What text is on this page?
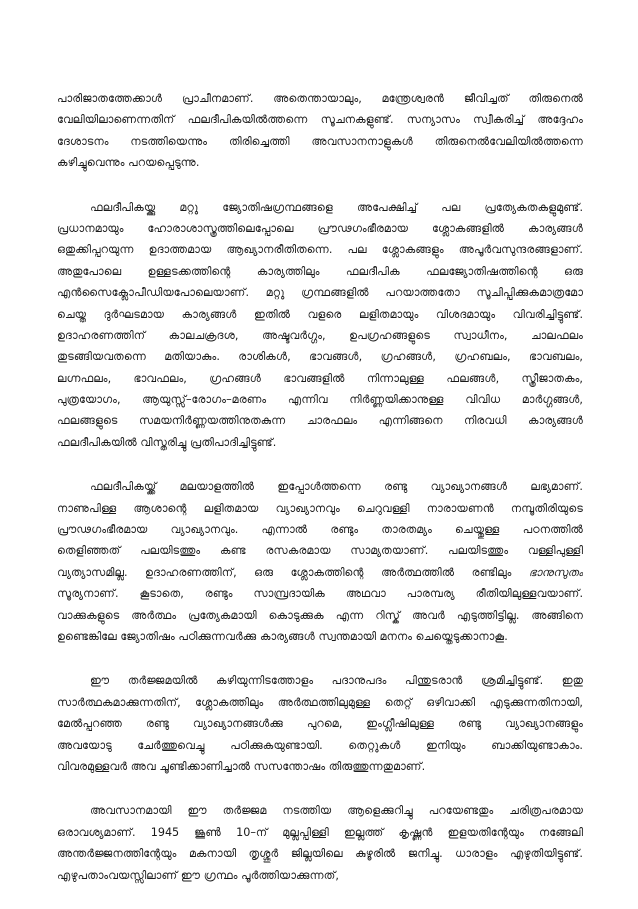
പാരിജാതത്തേക്കാൾ പ്രാചീനമാണ്. അതെന്തായാലും, മന്ത്രേശ്വരൻ ജീവിച്ചത് തിരുനെൽ
വേലിയിലാണെന്നതിന് ഫലദീപികയിൽത്തന്നെ സൂചനകളുണ്ട്. സന്യാസം സ്വീകരിച്ച് അദ്ദേഹം
ദേശാടനം നടത്തിയെന്നും തിരിച്ചെത്തി അവസാനനാളുകൾ തിരുനെൽവേലിയിൽത്തന്നെ
കഴിച്ചുവെന്നും പറയപ്പെടുന്നു.

ഫലദീപികയ്ക്കു മറ്റു ജ്യോതിഷഗ്രന്ഥങ്ങളെ അപേക്ഷിച്ച് പല പ്രത്യേകതകളുമുണ്ട്.
പ്രധാനമായും ഹോരാശാസ്ത്രത്തിലെപ്പോലെ പ്രൗഢഗംഭീരമായ ശ്ലോകങ്ങളിൽ കാര്യങ്ങൾ
ഒതുക്കിപ്പറയുന്ന ഉദാത്തമായ ആഖ്യാനരീതിതന്നെ. പല ശ്ലോകങ്ങളും അപൂർവസുന്ദരങ്ങളാണ്.
അതുപോലെ ഉള്ളടക്കത്തിന്റെ കാര്യത്തിലും ഫലദീപിക ഫലജ്യോതിഷത്തിന്റെ ഒരു
എൻസൈക്ലോപീഡിയപോലെയാണ്. മറ്റു ഗ്രന്ഥങ്ങളിൽ പറയാത്തതോ സൂചിപ്പിക്കുകമാത്രമോ
ചെയ്ത ദുർഘടമായ കാര്യങ്ങൾ ഇതിൽ വളരെ ലളിതമായും വിശദമായും വിവരിച്ചിട്ടുണ്ട്.
ഉദാഹരണത്തിന് കാലചക്രദശ, അഷ്ടവർഗ്ഗം, ഉപഗ്രഹങ്ങളുടെ സ്വാധീനം, ചാലഫലം
തുടങ്ങിയവതന്നെ മതിയാകും. രാശികൾ, ഭാവങ്ങൾ, ഗ്രഹങ്ങൾ, ഗ്രഹബലം, ഭാവബലം,
ലഗ്നഫലം, ഭാവഫലം, ഗ്രഹങ്ങൾ ഭാവങ്ങളിൽ നിന്നാലുള്ള ഫലങ്ങൾ, സ്ത്രീജാതകം,
പുത്രയോഗം, ആയുസ്സ്–രോഗം–മരണം എന്നിവ നിർണ്ണയിക്കാനുള്ള വിവിധ മാർഗ്ഗങ്ങൾ,
ഫലങ്ങളുടെ സമയനിർണ്ണയത്തിനുതകുന്ന ചാരഫലം എന്നിങ്ങനെ നിരവധി കാര്യങ്ങൾ
ഫലദീപികയിൽ വിസ്തരിച്ചു പ്രതിപാദിച്ചിട്ടുണ്ട്.

ഫലദീപികയ്ക്ക് മലയാളത്തിൽ ഇപ്പോൾത്തന്നെ രണ്ടു വ്യാഖ്യാനങ്ങൾ ലഭ്യമാണ്.
നാണുപിള്ള ആശാന്റെ ലളിതമായ വ്യാഖ്യാനവും ചെറുവള്ളി നാരായണൻ നമ്പൂതിരിയുടെ
പ്രൗഢഗംഭീരമായ വ്യാഖ്യാനവും. എന്നാൽ രണ്ടും താരതമ്യം ചെയ്തുള്ള പഠനത്തിൽ
തെളിഞ്ഞത് പലയിടത്തും കണ്ട രസകരമായ സാമ്യതയാണ്. പലയിടത്തും വള്ളിപുള്ളി
വ്യത്യാസമില്ല. ഉദാഹരണത്തിന്, ഒരു ശ്ലോകത്തിന്റെ അർത്ഥത്തിൽ രണ്ടിലും ഭാനുസുതം
സൂര്യനാണ്. കൂടാതെ, രണ്ടും സാമ്പ്രദായിക അഥവാ പാരമ്പര്യ രീതിയിലുള്ളവയാണ്.
വാക്കുകളുടെ അർത്ഥം പ്രത്യേകമായി കൊടുക്കുക എന്ന റിസ്ക് അവർ എടുത്തിട്ടില്ല. അങ്ങിനെ
ഉണ്ടെങ്കിലേ ജ്യോതിഷം പഠിക്കുന്നവർക്കു കാര്യങ്ങൾ സ്വന്തമായി മനനം ചെയ്തെടുക്കാനാകൂ.

ഈ തർജ്ജമയിൽ കഴിയുന്നിടത്തോളം പദാനുപദം പിന്തുടരാൻ ശ്രമിച്ചിട്ടുണ്ട്. ഇതു
സാർത്ഥകമാക്കുന്നതിന്, ശ്ലോകത്തിലും അർത്ഥത്തിലുമുള്ള തെറ്റ് ഒഴിവാക്കി എടുക്കുന്നതിനായി,
മേൽപ്പറഞ്ഞ രണ്ടു വ്യാഖ്യാനങ്ങൾക്കു പുറമെ, ഇംഗ്ലീഷിലുള്ള രണ്ടു വ്യാഖ്യാനങ്ങളും
അവയോടു ചേർത്തുവെച്ചു പഠിക്കുകയുണ്ടായി. തെറ്റുകൾ ഇനിയും ബാക്കിയുണ്ടാകാം.
വിവരമുള്ളവർ അവ ചൂണ്ടിക്കാണിച്ചാൽ സസന്തോഷം തിരുത്തുന്നതുമാണ്.

അവസാനമായി ഈ തർജ്ജമ നടത്തിയ ആളെക്കുറിച്ചു പറയേണ്ടതും ചരിത്രപരമായ
ഒരാവശ്യമാണ്. 1945 ജൂൺ 10–ന് മുല്ലപ്പിള്ളി ഇല്ലത്ത് കൃഷ്ണൻ ഇളയതിന്റേയും നങ്ങേലി
അന്തർജ്ജനത്തിന്റേയും മകനായി തൃശ്ശൂർ ജില്ലയിലെ കുഴൂരിൽ ജനിച്ചു. ധാരാളം എഴുതിയിട്ടുണ്ട്.
എഴുപതാംവയസ്സിലാണ് ഈ ഗ്രന്ഥം പൂർത്തിയാക്കുന്നത്,
